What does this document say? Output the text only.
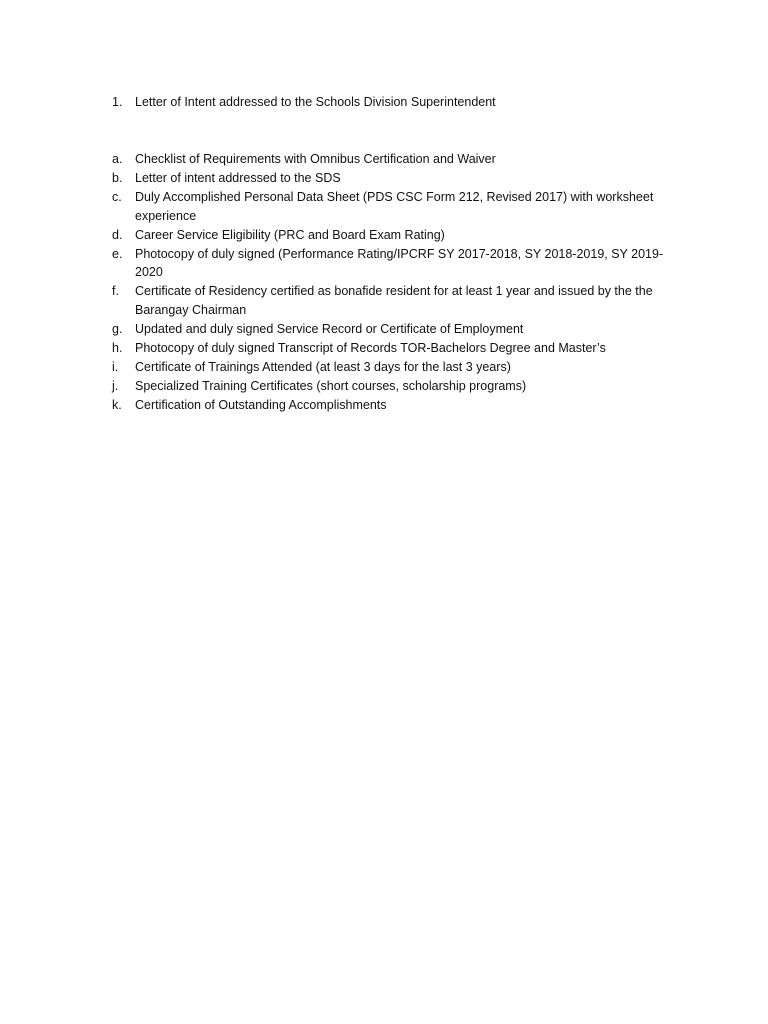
1.	Letter of Intent addressed to the Schools Division Superintendent
a.	Checklist of Requirements with Omnibus Certification and Waiver
b.	Letter of intent addressed to the SDS
c.	Duly Accomplished Personal Data Sheet (PDS CSC Form 212, Revised 2017) with worksheet experience
d.	Career Service Eligibility (PRC and Board Exam Rating)
e.	Photocopy of duly signed (Performance Rating/IPCRF SY 2017-2018, SY 2018-2019, SY 2019-2020
f.	Certificate of Residency certified as bonafide resident for at least 1 year and issued by the the Barangay Chairman
g.	Updated and duly signed Service Record or Certificate of Employment
h.	Photocopy of duly signed Transcript of Records TOR-Bachelors Degree and Master’s
i.	Certificate of Trainings Attended (at least 3 days for the last 3 years)
j.	Specialized Training Certificates (short courses, scholarship programs)
k.	Certification of Outstanding Accomplishments
